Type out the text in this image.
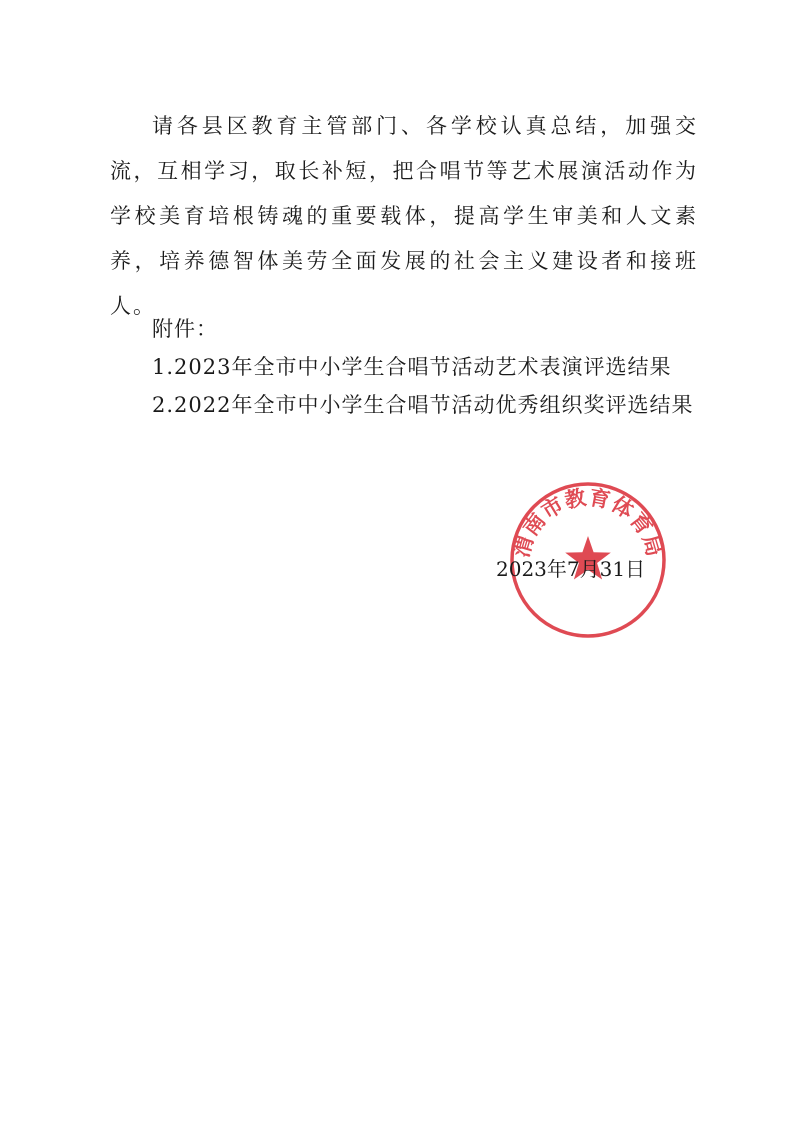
请各县区教育主管部门、各学校认真总结，加强交流，互相学习，取长补短，把合唱节等艺术展演活动作为学校美育培根铸魂的重要载体，提高学生审美和人文素养，培养德智体美劳全面发展的社会主义建设者和接班人。

附件：
1.2023年全市中小学生合唱节活动艺术表演评选结果
2.2022年全市中小学生合唱节活动优秀组织奖评选结果
渭南市教育体育局
2023年7月31日
